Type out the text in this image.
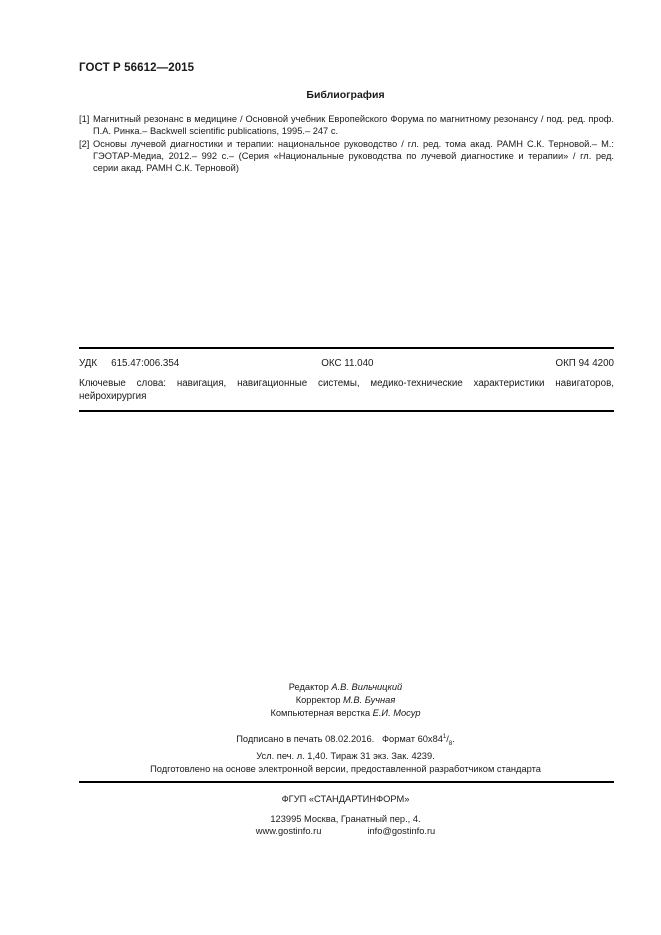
ГОСТ Р 56612—2015
Библиография
[1] Магнитный резонанс в медицине / Основной учебник Европейского Форума по магнитному резонансу / под. ред. проф. П.А. Ринка.– Backwell scientific publications, 1995.– 247 с.
[2] Основы лучевой диагностики и терапии: национальное руководство / гл. ред. тома акад. РАМН С.К. Терновой.– М.: ГЭОТАР-Медиа, 2012.– 992 с.– (Серия «Национальные руководства по лучевой диагностике и терапии» / гл. ред. серии акад. РАМН С.К. Терновой)
УДК 615.47:006.354	ОКС 11.040	ОКП 94 4200
Ключевые слова: навигация, навигационные системы, медико-технические характеристики навигаторов, нейрохирургия
Редактор А.В. Вильчицкий
Корректор М.В. Бучная
Компьютерная верстка Е.И. Мосур
Подписано в печать 08.02.2016.   Формат $60x84^1/_8$.
Усл. печ. л. 1,40. Тираж 31 экз. Зак. 4239.
Подготовлено на основе электронной версии, предоставленной разработчиком стандарта
ФГУП «СТАНДАРТИНФОРМ»
123995 Москва, Гранатный пер., 4.
www.gostinfo.ru	info@gostinfo.ru
